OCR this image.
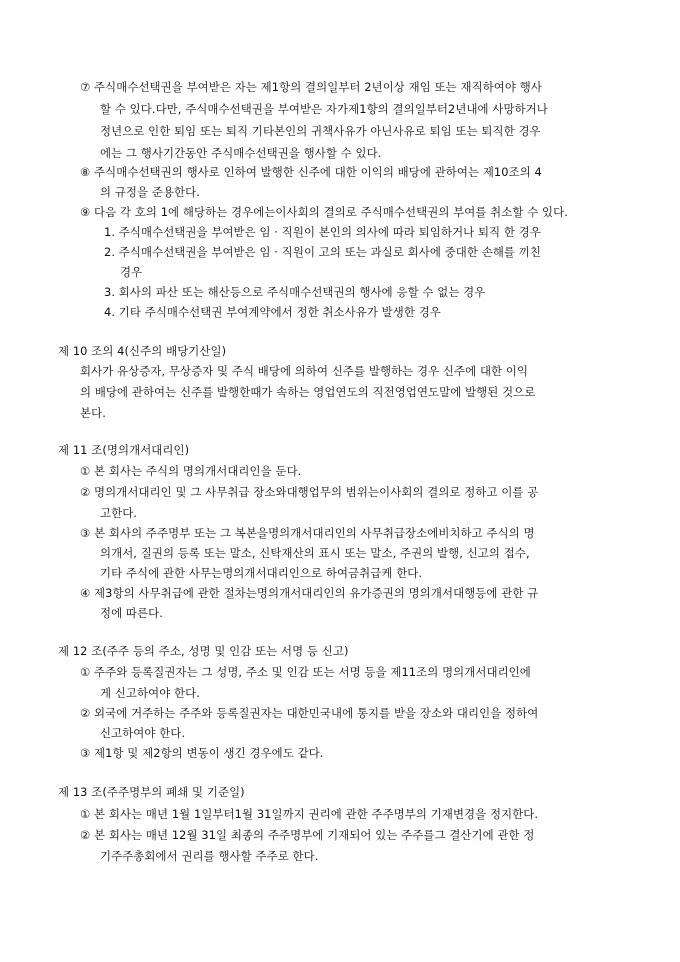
⑦ 주식매수선택권을 부여받은 자는 제1항의 결의일부터 2년이상 재임 또는 재직하여야 행사
할 수 있다.다만, 주식매수선택권을 부여받은 자가제1항의 결의일부터2년내에 사망하거나
정년으로 인한 퇴임 또는 퇴직 기타본인의 귀책사유가 아닌사유로 퇴임 또는 퇴직한 경우
에는 그 행사기간동안 주식매수선택권을 행사할 수 있다.
⑧ 주식매수선택권의 행사로 인하여 발행한 신주에 대한 이익의 배당에 관하여는 제10조의 4
의 규정을 준용한다.
⑨ 다음 각 호의 1에 해당하는 경우에는이사회의 결의로 주식매수선택권의 부여를 취소할 수 있다.
1. 주식매수선택권을 부여받은 임 · 직원이 본인의 의사에 따라 퇴임하거나 퇴직 한 경우
2. 주식매수선택권을 부여받은 임 · 직원이 고의 또는 과실로 회사에 중대한 손해를 끼친
경우
3. 회사의 파산 또는 해산등으로 주식매수선택권의 행사에 응할 수 없는 경우
4. 기타 주식매수선택권 부여계약에서 정한 취소사유가 발생한 경우
제 10 조의 4(신주의 배당기산일)
회사가 유상증자, 무상증자 및 주식 배당에 의하여 신주를 발행하는 경우 신주에 대한 이익
의 배당에 관하여는 신주를 발행한때가 속하는 영업연도의 직전영업연도말에 발행된 것으로
본다.
제 11 조(명의개서대리인)
① 본 회사는 주식의 명의개서대리인을 둔다.
② 명의개서대리인 및 그 사무취급 장소와대행업무의 범위는이사회의 결의로 정하고 이를 공
고한다.
③ 본 회사의 주주명부 또는 그 복본을명의개서대리인의 사무취급장소에비치하고 주식의 명
의개서, 질권의 등록 또는 말소, 신탁재산의 표시 또는 말소, 주권의 발행, 신고의 접수,
기타 주식에 관한 사무는명의개서대리인으로 하여금취급케 한다.
④ 제3항의 사무취급에 관한 절차는명의개서대리인의 유가증권의 명의개서대행등에 관한 규
정에 따른다.
제 12 조(주주 등의 주소, 성명 및 인감 또는 서명 등 신고)
① 주주와 등록질권자는 그 성명, 주소 및 인감 또는 서명 등을 제11조의 명의개서대리인에
게 신고하여야 한다.
② 외국에 거주하는 주주와 등록질권자는 대한민국내에 통지를 받을 장소와 대리인을 정하여
신고하여야 한다.
③ 제1항 및 제2항의 변동이 생긴 경우에도 같다.
제 13 조(주주명부의 폐쇄 및 기준일)
① 본 회사는 매년 1월 1일부터1월 31일까지 권리에 관한 주주명부의 기재변경을 정지한다.
② 본 회사는 매년 12월 31일 최종의 주주명부에 기재되어 있는 주주를그 결산기에 관한 정
기주주총회에서 권리를 행사할 주주로 한다.
